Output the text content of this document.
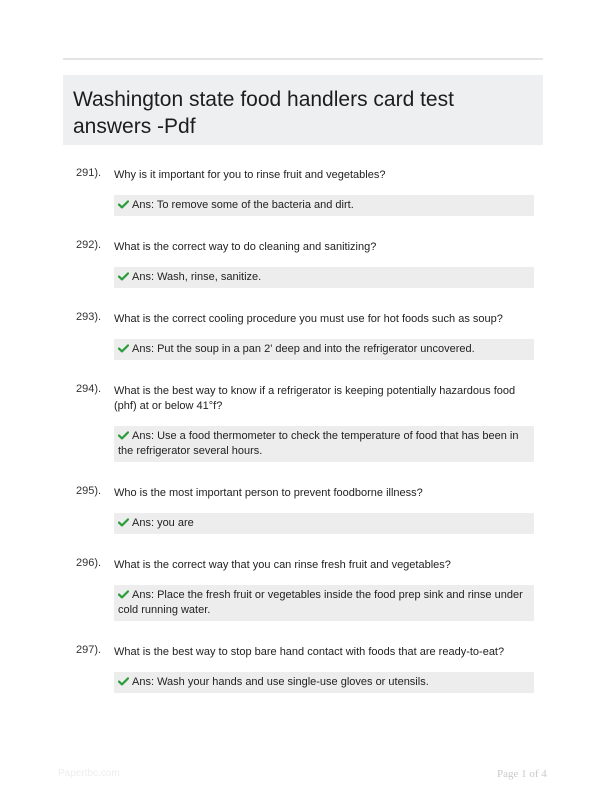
Washington state food handlers card test answers -Pdf
291). Why is it important for you to rinse fruit and vegetables?
Ans: To remove some of the bacteria and dirt.
292). What is the correct way to do cleaning and sanitizing?
Ans: Wash, rinse, sanitize.
293). What is the correct cooling procedure you must use for hot foods such as soup?
Ans: Put the soup in a pan 2' deep and into the refrigerator uncovered.
294). What is the best way to know if a refrigerator is keeping potentially hazardous food (phf) at or below 41°f?
Ans: Use a food thermometer to check the temperature of food that has been in the refrigerator several hours.
295). Who is the most important person to prevent foodborne illness?
Ans: you are
296). What is the correct way that you can rinse fresh fruit and vegetables?
Ans: Place the fresh fruit or vegetables inside the food prep sink and rinse under cold running water.
297). What is the best way to stop bare hand contact with foods that are ready-to-eat?
Ans: Wash your hands and use single-use gloves or utensils.
Papertbc.com	Page 1 of 4
